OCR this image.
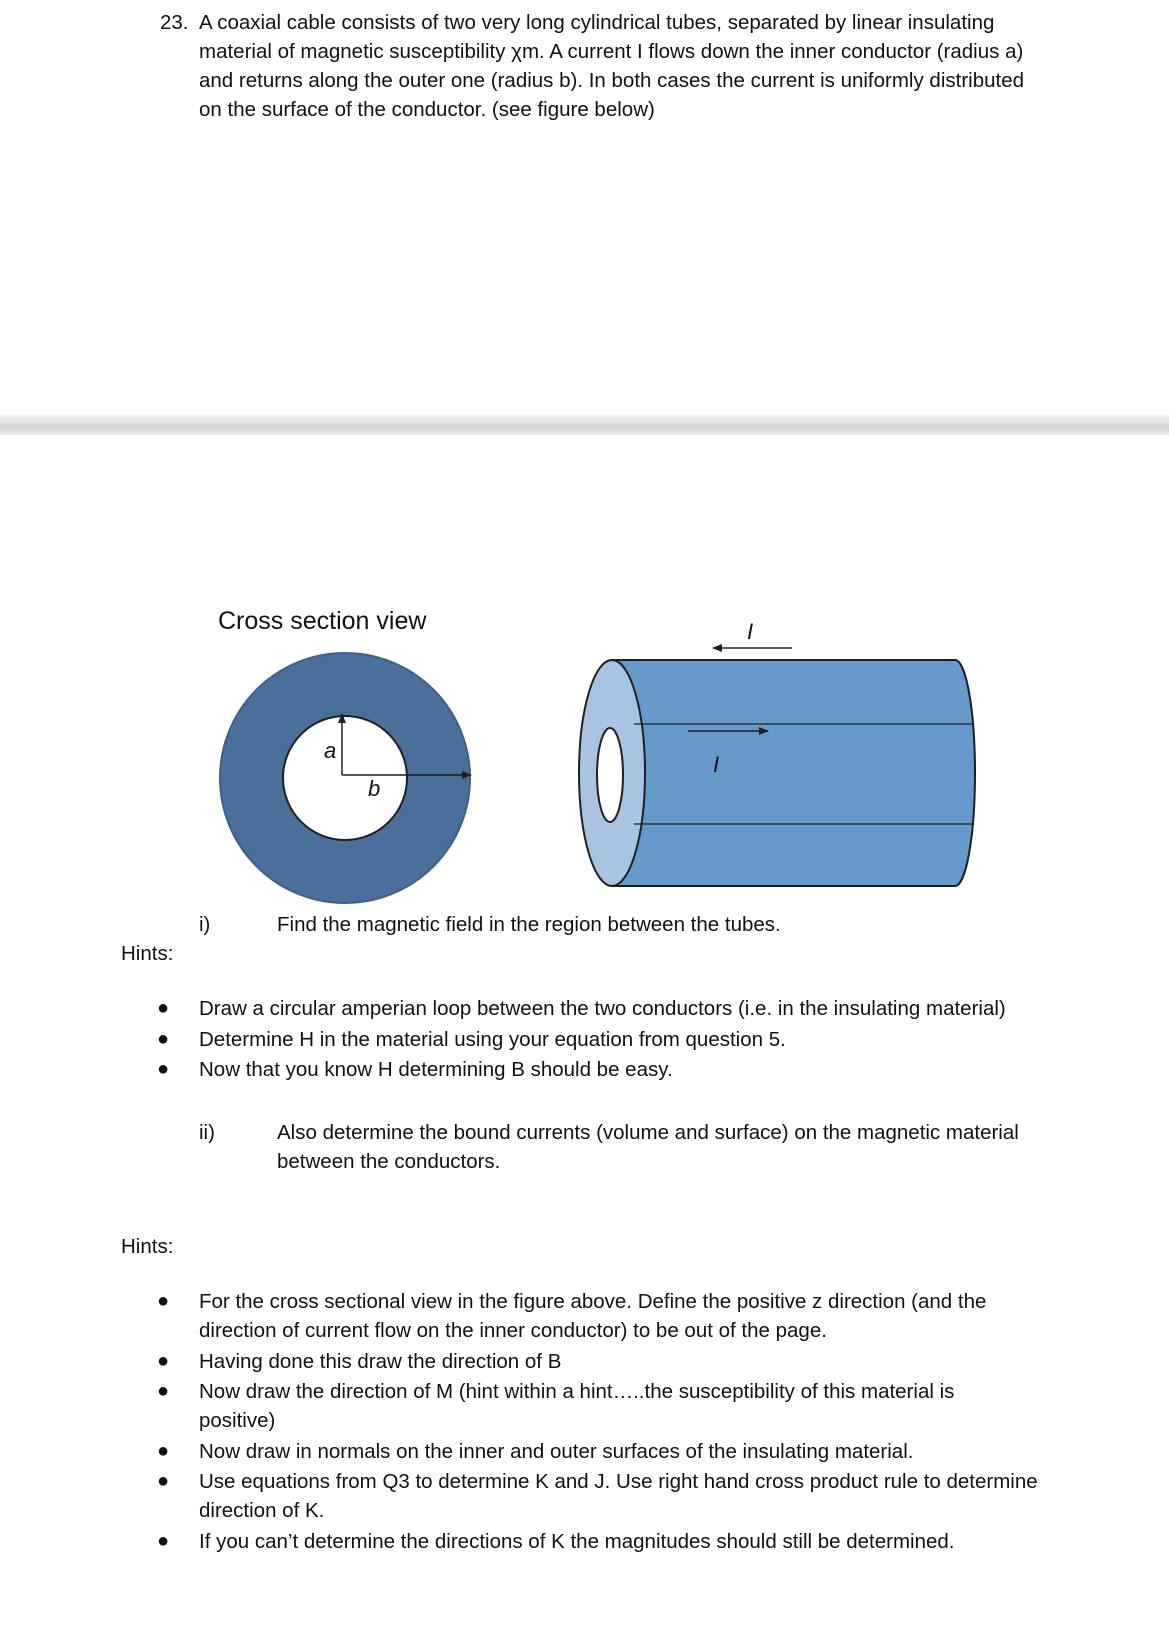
23. A coaxial cable consists of two very long cylindrical tubes, separated by linear insulating
material of magnetic susceptibility χm. A current I flows down the inner conductor (radius a)
and returns along the outer one (radius b). In both cases the current is uniformly distributed
on the surface of the conductor. (see figure below)
Cross section view
a
b
I
I
i)	Find the magnetic field in the region between the tubes.
Hints:
● Draw a circular amperian loop between the two conductors (i.e. in the insulating material)
● Determine H in the material using your equation from question 5.
● Now that you know H determining B should be easy.
ii)	Also determine the bound currents (volume and surface) on the magnetic material
between the conductors.
Hints:
● For the cross sectional view in the figure above. Define the positive z direction (and the
direction of current flow on the inner conductor) to be out of the page.
● Having done this draw the direction of B
● Now draw the direction of M (hint within a hint…..the susceptibility of this material is
positive)
● Now draw in normals on the inner and outer surfaces of the insulating material.
● Use equations from Q3 to determine K and J. Use right hand cross product rule to determine
direction of K.
● If you can’t determine the directions of K the magnitudes should still be determined.
